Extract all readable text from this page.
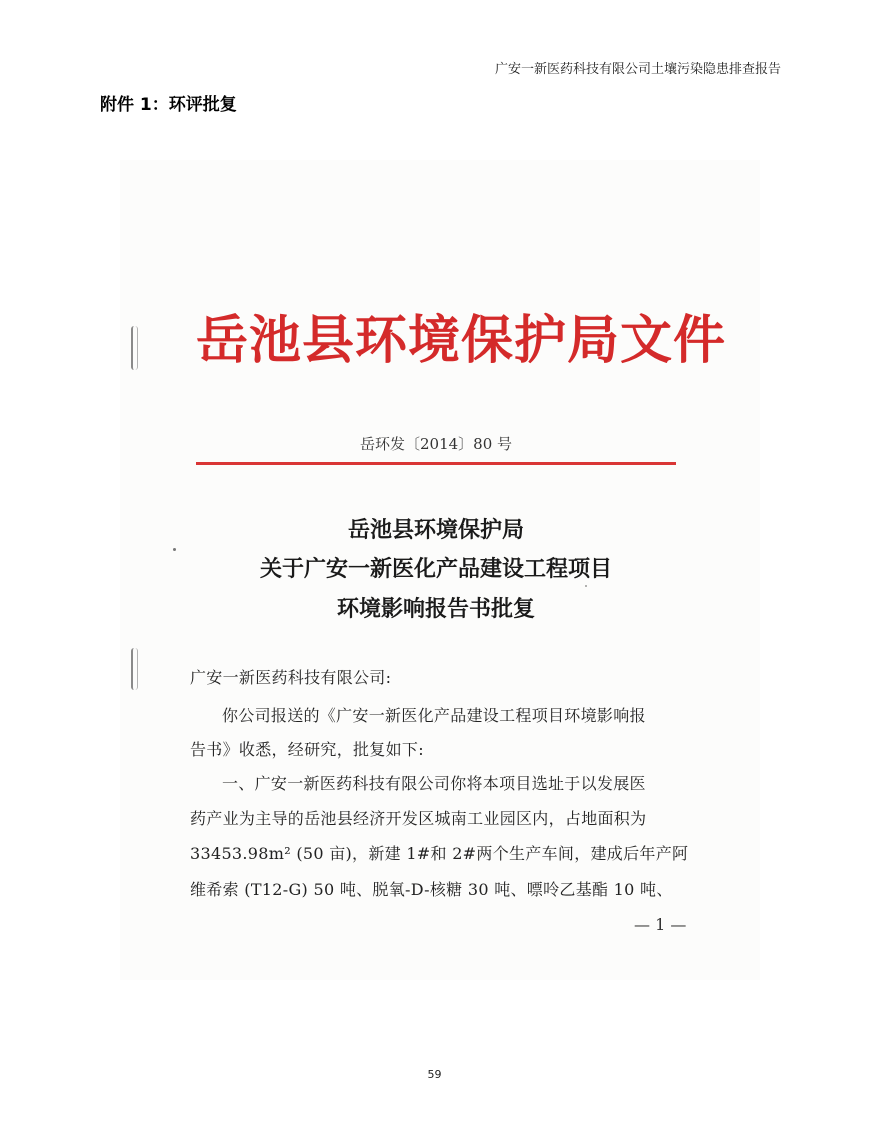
广安一新医药科技有限公司土壤污染隐患排查报告
附件 1：环评批复
岳池县环境保护局文件
岳环发〔2014〕80 号
岳池县环境保护局
关于广安一新医化产品建设工程项目
环境影响报告书批复
广安一新医药科技有限公司:
你公司报送的《广安一新医化产品建设工程项目环境影响报
告书》收悉，经研究，批复如下:
一、广安一新医药科技有限公司你将本项目选址于以发展医
药产业为主导的岳池县经济开发区城南工业园区内，占地面积为
33453.98m² (50 亩)，新建 1#和 2#两个生产车间，建成后年产阿
维希索 (T12-G) 50 吨、脱氧-D-核糖 30 吨、嘌呤乙基酯 10 吨、
— 1 —
59
